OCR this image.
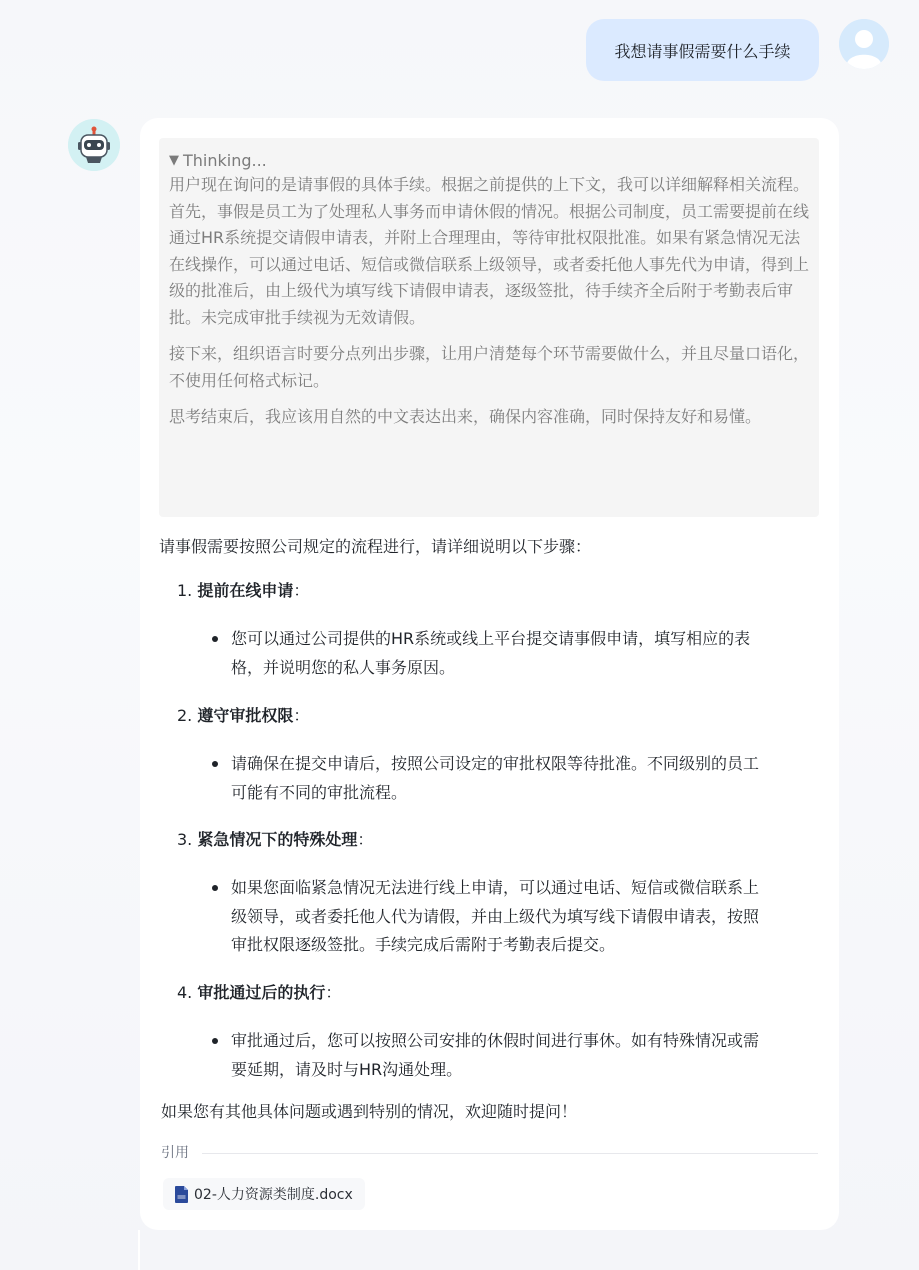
我想请事假需要什么手续
▼ Thinking...

用户现在询问的是请事假的具体手续。根据之前提供的上下文，我可以详细解释相关流程。

首先，事假是员工为了处理私人事务而申请休假的情况。根据公司制度，员工需要提前在线通过HR系统提交请假申请表，并附上合理理由，等待审批权限批准。如果有紧急情况无法在线操作，可以通过电话、短信或微信联系上级领导，或者委托他人事先代为申请，得到上级的批准后，由上级代为填写线下请假申请表，逐级签批，待手续齐全后附于考勤表后审批。未完成审批手续视为无效请假。

接下来，组织语言时要分点列出步骤，让用户清楚每个环节需要做什么，并且尽量口语化，不使用任何格式标记。

思考结束后，我应该用自然的中文表达出来，确保内容准确，同时保持友好和易懂。

请事假需要按照公司规定的流程进行，请详细说明以下步骤：

1. 提前在线申请：
您可以通过公司提供的HR系统或线上平台提交请事假申请，填写相应的表
格，并说明您的私人事务原因。
2. 遵守审批权限：
请确保在提交申请后，按照公司设定的审批权限等待批准。不同级别的员工
可能有不同的审批流程。
3. 紧急情况下的特殊处理：
如果您面临紧急情况无法进行线上申请，可以通过电话、短信或微信联系上
级领导，或者委托他人代为请假，并由上级代为填写线下请假申请表，按照
审批权限逐级签批。手续完成后需附于考勤表后提交。
4. 审批通过后的执行：
审批通过后，您可以按照公司安排的休假时间进行事休。如有特殊情况或需
要延期，请及时与HR沟通处理。
如果您有其他具体问题或遇到特别的情况，欢迎随时提问！
引用
02-人力资源类制度.docx
